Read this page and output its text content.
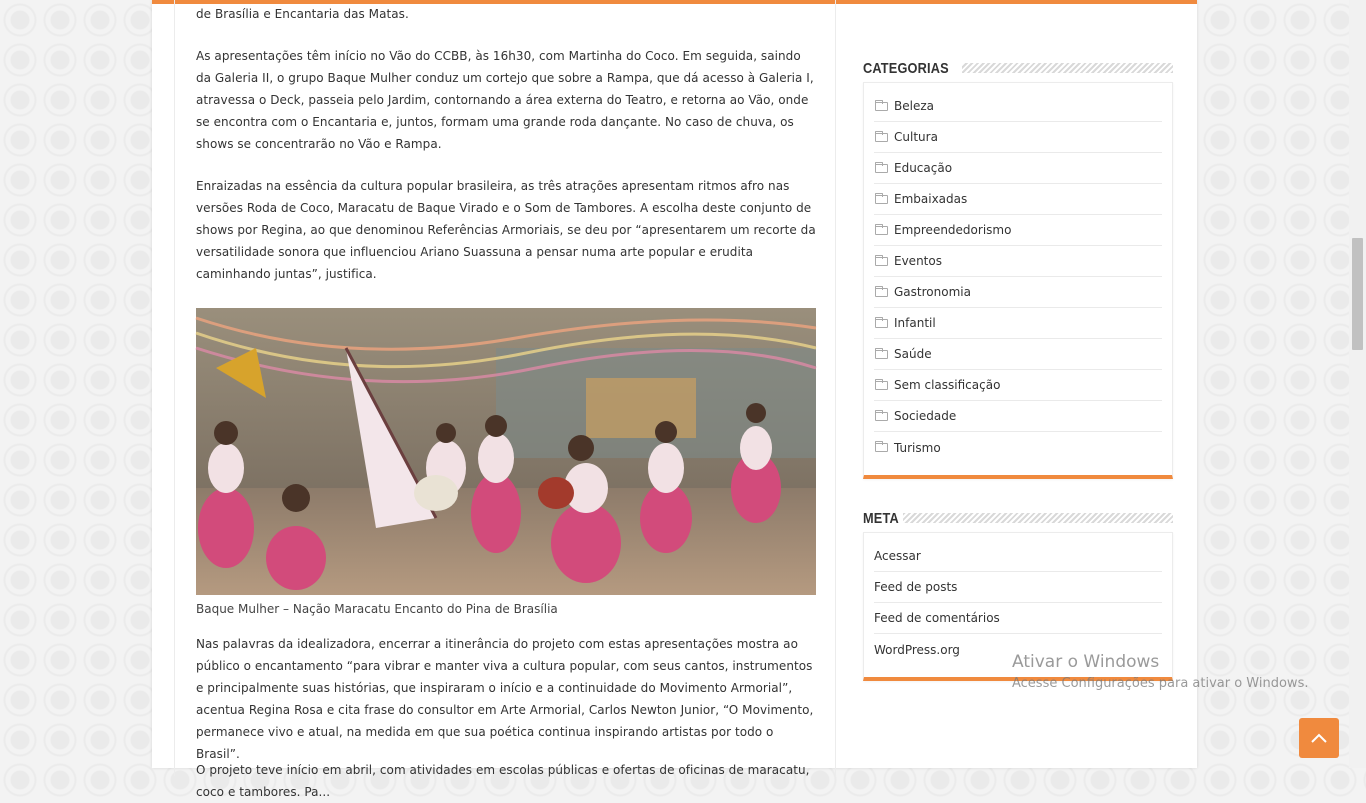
de Brasília e Encantaria das Matas.

As apresentações têm início no Vão do CCBB, às 16h30, com Martinha do Coco. Em seguida, saindo da Galeria II, o grupo Baque Mulher conduz um cortejo que sobre a Rampa, que dá acesso à Galeria I, atravessa o Deck, passeia pelo Jardim, contornando a área externa do Teatro, e retorna ao Vão, onde se encontra com o Encantaria e, juntos, formam uma grande roda dançante. No caso de chuva, os shows se concentrarão no Vão e Rampa.

Enraizadas na essência da cultura popular brasileira, as três atrações apresentam ritmos afro nas versões Roda de Coco, Maracatu de Baque Virado e o Som de Tambores. A escolha deste conjunto de shows por Regina, ao que denominou Referências Armoriais, se deu por “apresentarem um recorte da versatilidade sonora que influenciou Ariano Suassuna a pensar numa arte popular e erudita caminhando juntas”, justifica.

Nas palavras da idealizadora, encerrar a itinerância do projeto com estas apresentações mostra ao público o encantamento “para vibrar e manter viva a cultura popular, com seus cantos, instrumentos e principalmente suas histórias, que inspiraram o início e a continuidade do Movimento Armorial”, acentua Regina Rosa e cita frase do consultor em Arte Armorial, Carlos Newton Junior, “O Movimento, permanece vivo e atual, na medida em que sua poética continua inspirando artistas por todo o Brasil”.

O projeto teve início em abril, com atividades em escolas públicas e ofertas de oficinas de maracatu, coco e tambores. Pa...

Baque Mulher – Nação Maracatu Encanto do Pina de Brasília
CATEGORIAS
Beleza
Cultura
Educação
Embaixadas
Empreendedorismo
Eventos
Gastronomia
Infantil
Saúde
Sem classificação
Sociedade
Turismo
META
Acessar
Feed de posts
Feed de comentários
WordPress.org
Ativar o Windows
Acesse Configurações para ativar o Windows.
